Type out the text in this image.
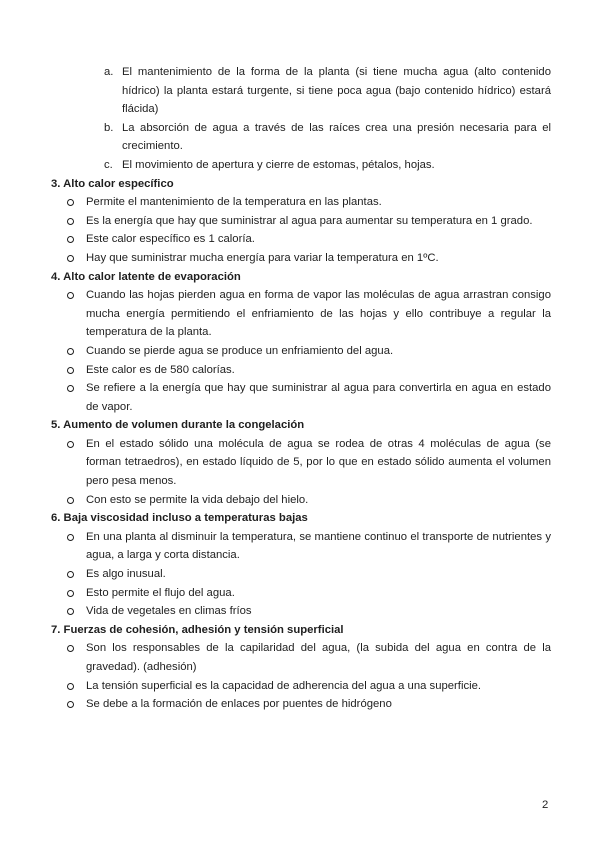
a. El mantenimiento de la forma de la planta (si tiene mucha agua (alto contenido hídrico) la planta estará turgente, si tiene poca agua (bajo contenido hídrico) estará flácida)
b. La absorción de agua a través de las raíces crea una presión necesaria para el crecimiento.
c. El movimiento de apertura y cierre de estomas, pétalos, hojas.
3. Alto calor específico
Permite el mantenimiento de la temperatura en las plantas.
Es la energía que hay que suministrar al agua para aumentar su temperatura en 1 grado.
Este calor específico es 1 caloría.
Hay que suministrar mucha energía para variar la temperatura en 1ºC.
4. Alto calor latente de evaporación
Cuando las hojas pierden agua en forma de vapor las moléculas de agua arrastran consigo mucha energía permitiendo el enfriamiento de las hojas y ello contribuye a regular la temperatura de la planta.
Cuando se pierde agua se produce un enfriamiento del agua.
Este calor es de 580 calorías.
Se refiere a la energía que hay que suministrar al agua para convertirla en agua en estado de vapor.
5. Aumento de volumen durante la congelación
En el estado sólido una molécula de agua se rodea de otras 4 moléculas de agua (se forman tetraedros), en estado líquido de 5, por lo que en estado sólido aumenta el volumen pero pesa menos.
Con esto se permite la vida debajo del hielo.
6. Baja viscosidad incluso a temperaturas bajas
En una planta al disminuir la temperatura, se mantiene continuo el transporte de nutrientes y agua, a larga y corta distancia.
Es algo inusual.
Esto permite el flujo del agua.
Vida de vegetales en climas fríos
7. Fuerzas de cohesión, adhesión y tensión superficial
Son los responsables de la capilaridad del agua, (la subida del agua en contra de la gravedad). (adhesión)
La tensión superficial es la capacidad de adherencia del agua a una superficie.
Se debe a la formación de enlaces por puentes de hidrógeno
2
